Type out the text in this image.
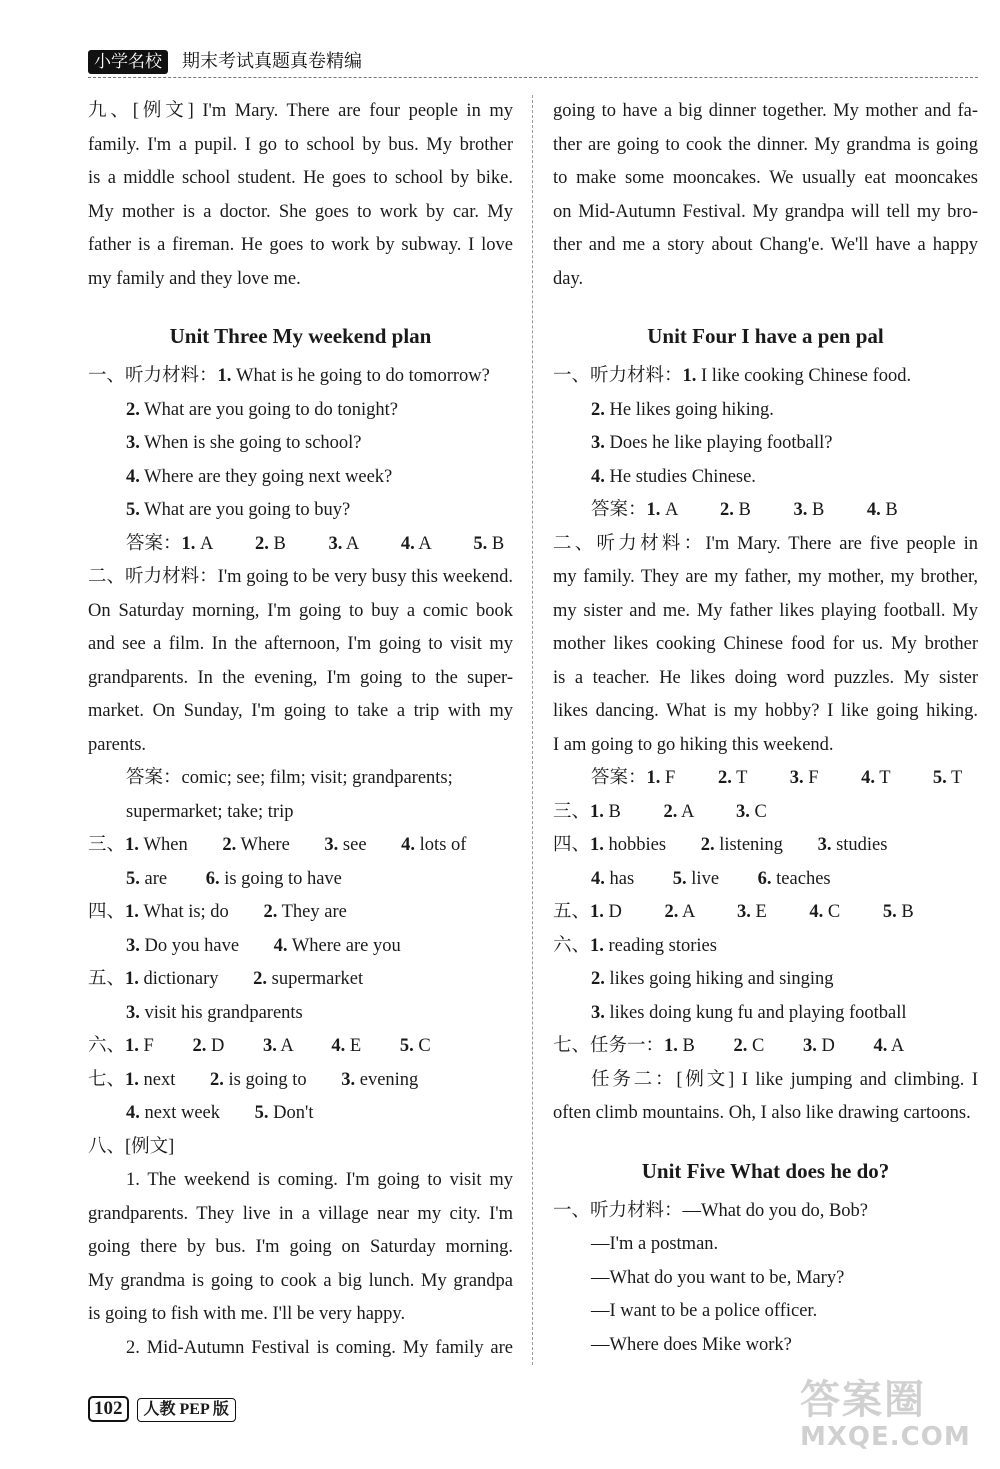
小学名校	期末考试真题真卷精编
九、[例文] I'm Mary. There are four people in my
family. I'm a pupil. I go to school by bus. My brother
is a middle school student. He goes to school by bike.
My mother is a doctor. She goes to work by car. My
father is a fireman. He goes to work by subway. I love
my family and they love me.
Unit Three My weekend plan
一、听力材料：1. What is he going to do tomorrow?
2. What are you going to do tonight?
3. When is she going to school?
4. Where are they going next week?
5. What are you going to buy?
答案：1. A 2. B 3. A 4. A 5. B
二、听力材料：I'm going to be very busy this weekend.
On Saturday morning, I'm going to buy a comic book
and see a film. In the afternoon, I'm going to visit my
grandparents. In the evening, I'm going to the super-
market. On Sunday, I'm going to take a trip with my
parents.
答案：comic; see; film; visit; grandparents;
supermarket; take; trip
三、1. When 2. Where 3. see 4. lots of
5. are 6. is going to have
四、1. What is; do 2. They are
3. Do you have 4. Where are you
五、1. dictionary 2. supermarket
3. visit his grandparents
六、1. F 2. D 3. A 4. E 5. C
七、1. next 2. is going to 3. evening
4. next week 5. Don't
八、[例文]
1. The weekend is coming. I'm going to visit my
grandparents. They live in a village near my city. I'm
going there by bus. I'm going on Saturday morning.
My grandma is going to cook a big lunch. My grandpa
is going to fish with me. I'll be very happy.
2. Mid-Autumn Festival is coming. My family are
going to have a big dinner together. My mother and fa-
ther are going to cook the dinner. My grandma is going
to make some mooncakes. We usually eat mooncakes
on Mid-Autumn Festival. My grandpa will tell my bro-
ther and me a story about Chang'e. We'll have a happy
day.
Unit Four I have a pen pal
一、听力材料：1. I like cooking Chinese food.
2. He likes going hiking.
3. Does he like playing football?
4. He studies Chinese.
答案：1. A 2. B 3. B 4. B
二、听力材料：I'm Mary. There are five people in
my family. They are my father, my mother, my brother,
my sister and me. My father likes playing football. My
mother likes cooking Chinese food for us. My brother
is a teacher. He likes doing word puzzles. My sister
likes dancing. What is my hobby? I like going hiking.
I am going to go hiking this weekend.
答案：1. F 2. T 3. F 4. T 5. T
三、1. B 2. A 3. C
四、1. hobbies 2. listening 3. studies
4. has 5. live 6. teaches
五、1. D 2. A 3. E 4. C 5. B
六、1. reading stories
2. likes going hiking and singing
3. likes doing kung fu and playing football
七、任务一：1. B 2. C 3. D 4. A
任务二：[例文] I like jumping and climbing. I
often climb mountains. Oh, I also like drawing cartoons.
Unit Five What does he do?
一、听力材料：—What do you do, Bob?
—I'm a postman.
—What do you want to be, Mary?
—I want to be a police officer.
—Where does Mike work?
102 人教 PEP 版	答案圈
MXQE.COM
